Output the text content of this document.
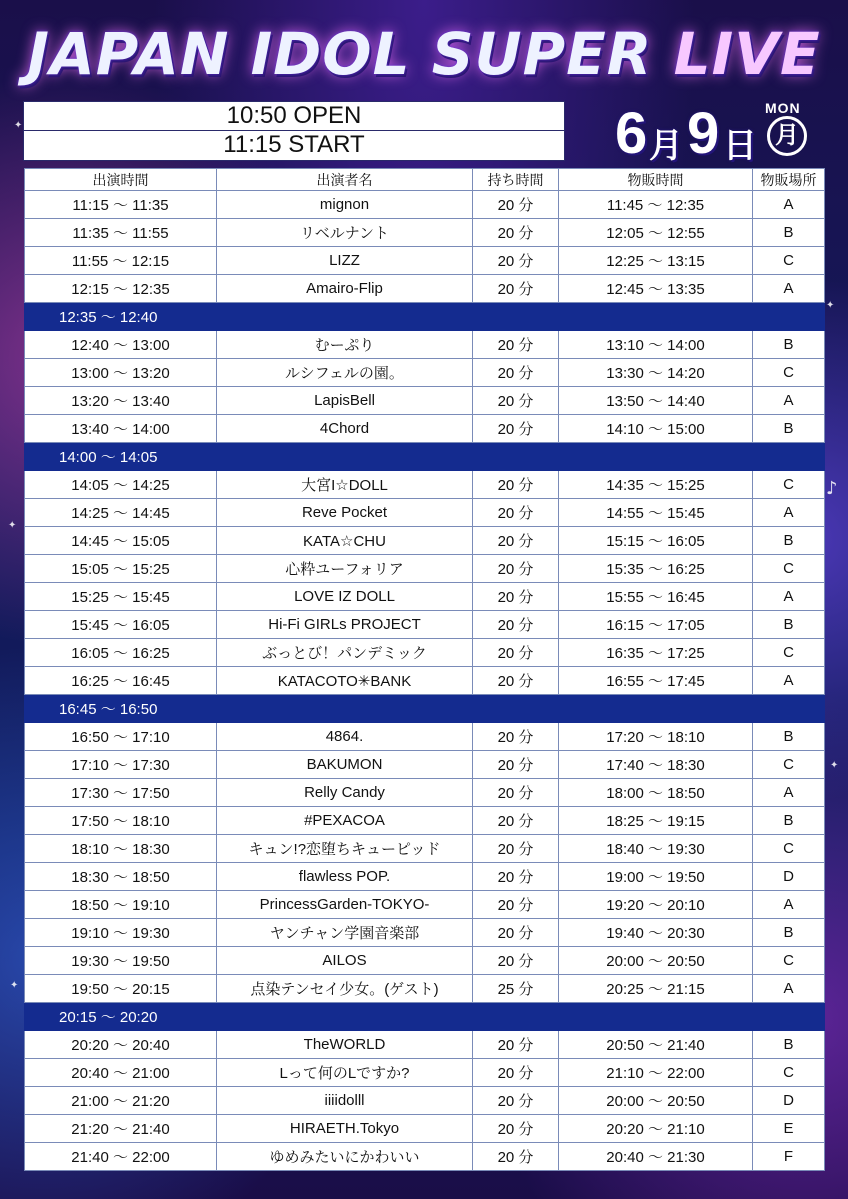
✦
✦
✦
✦
✦
♪
JAPAN IDOL SUPER LIVE
10:50 OPEN
11:15 START	6 月 9 日
MON
月
出演時間	出演者名	持ち時間	物販時間	物販場所
11:15 ～ 11:35	mignon	20 分	11:45 ～ 12:35	A
11:35 ～ 11:55	リベルナント	20 分	12:05 ～ 12:55	B
11:55 ～ 12:15	LIZZ	20 分	12:25 ～ 13:15	C
12:15 ～ 12:35	Amairo-Flip	20 分	12:45 ～ 13:35	A
12:35 ～ 12:40				
12:40 ～ 13:00	むーぷり	20 分	13:10 ～ 14:00	B
13:00 ～ 13:20	ルシフェルの園。	20 分	13:30 ～ 14:20	C
13:20 ～ 13:40	LapisBell	20 分	13:50 ～ 14:40	A
13:40 ～ 14:00	4Chord	20 分	14:10 ～ 15:00	B
14:00 ～ 14:05				
14:05 ～ 14:25	大宮I☆DOLL	20 分	14:35 ～ 15:25	C
14:25 ～ 14:45	Reve Pocket	20 分	14:55 ～ 15:45	A
14:45 ～ 15:05	KATA☆CHU	20 分	15:15 ～ 16:05	B
15:05 ～ 15:25	心粋ユーフォリア	20 分	15:35 ～ 16:25	C
15:25 ～ 15:45	LOVE IZ DOLL	20 分	15:55 ～ 16:45	A
15:45 ～ 16:05	Hi-Fi GIRLs PROJECT	20 分	16:15 ～ 17:05	B
16:05 ～ 16:25	ぶっとび！パンデミック	20 分	16:35 ～ 17:25	C
16:25 ～ 16:45	KATACOTO✳BANK	20 分	16:55 ～ 17:45	A
16:45 ～ 16:50				
16:50 ～ 17:10	4864.	20 分	17:20 ～ 18:10	B
17:10 ～ 17:30	BAKUMON	20 分	17:40 ～ 18:30	C
17:30 ～ 17:50	Relly Candy	20 分	18:00 ～ 18:50	A
17:50 ～ 18:10	#PEXACOA	20 分	18:25 ～ 19:15	B
18:10 ～ 18:30	キュン!?恋堕ちキューピッド	20 分	18:40 ～ 19:30	C
18:30 ～ 18:50	flawless POP.	20 分	19:00 ～ 19:50	D
18:50 ～ 19:10	PrincessGarden-TOKYO-	20 分	19:20 ～ 20:10	A
19:10 ～ 19:30	ヤンチャン学園音楽部	20 分	19:40 ～ 20:30	B
19:30 ～ 19:50	AILOS	20 分	20:00 ～ 20:50	C
19:50 ～ 20:15	点染テンセイ少女。(ゲスト)	25 分	20:25 ～ 21:15	A
20:15 ～ 20:20				
20:20 ～ 20:40	TheWORLD	20 分	20:50 ～ 21:40	B
20:40 ～ 21:00	Lって何のLですか?	20 分	21:10 ～ 22:00	C
21:00 ～ 21:20	iiiidolll	20 分	20:00 ～ 20:50	D
21:20 ～ 21:40	HIRAETH.Tokyo	20 分	20:20 ～ 21:10	E
21:40 ～ 22:00	ゆめみたいにかわいい	20 分	20:40 ～ 21:30	F
